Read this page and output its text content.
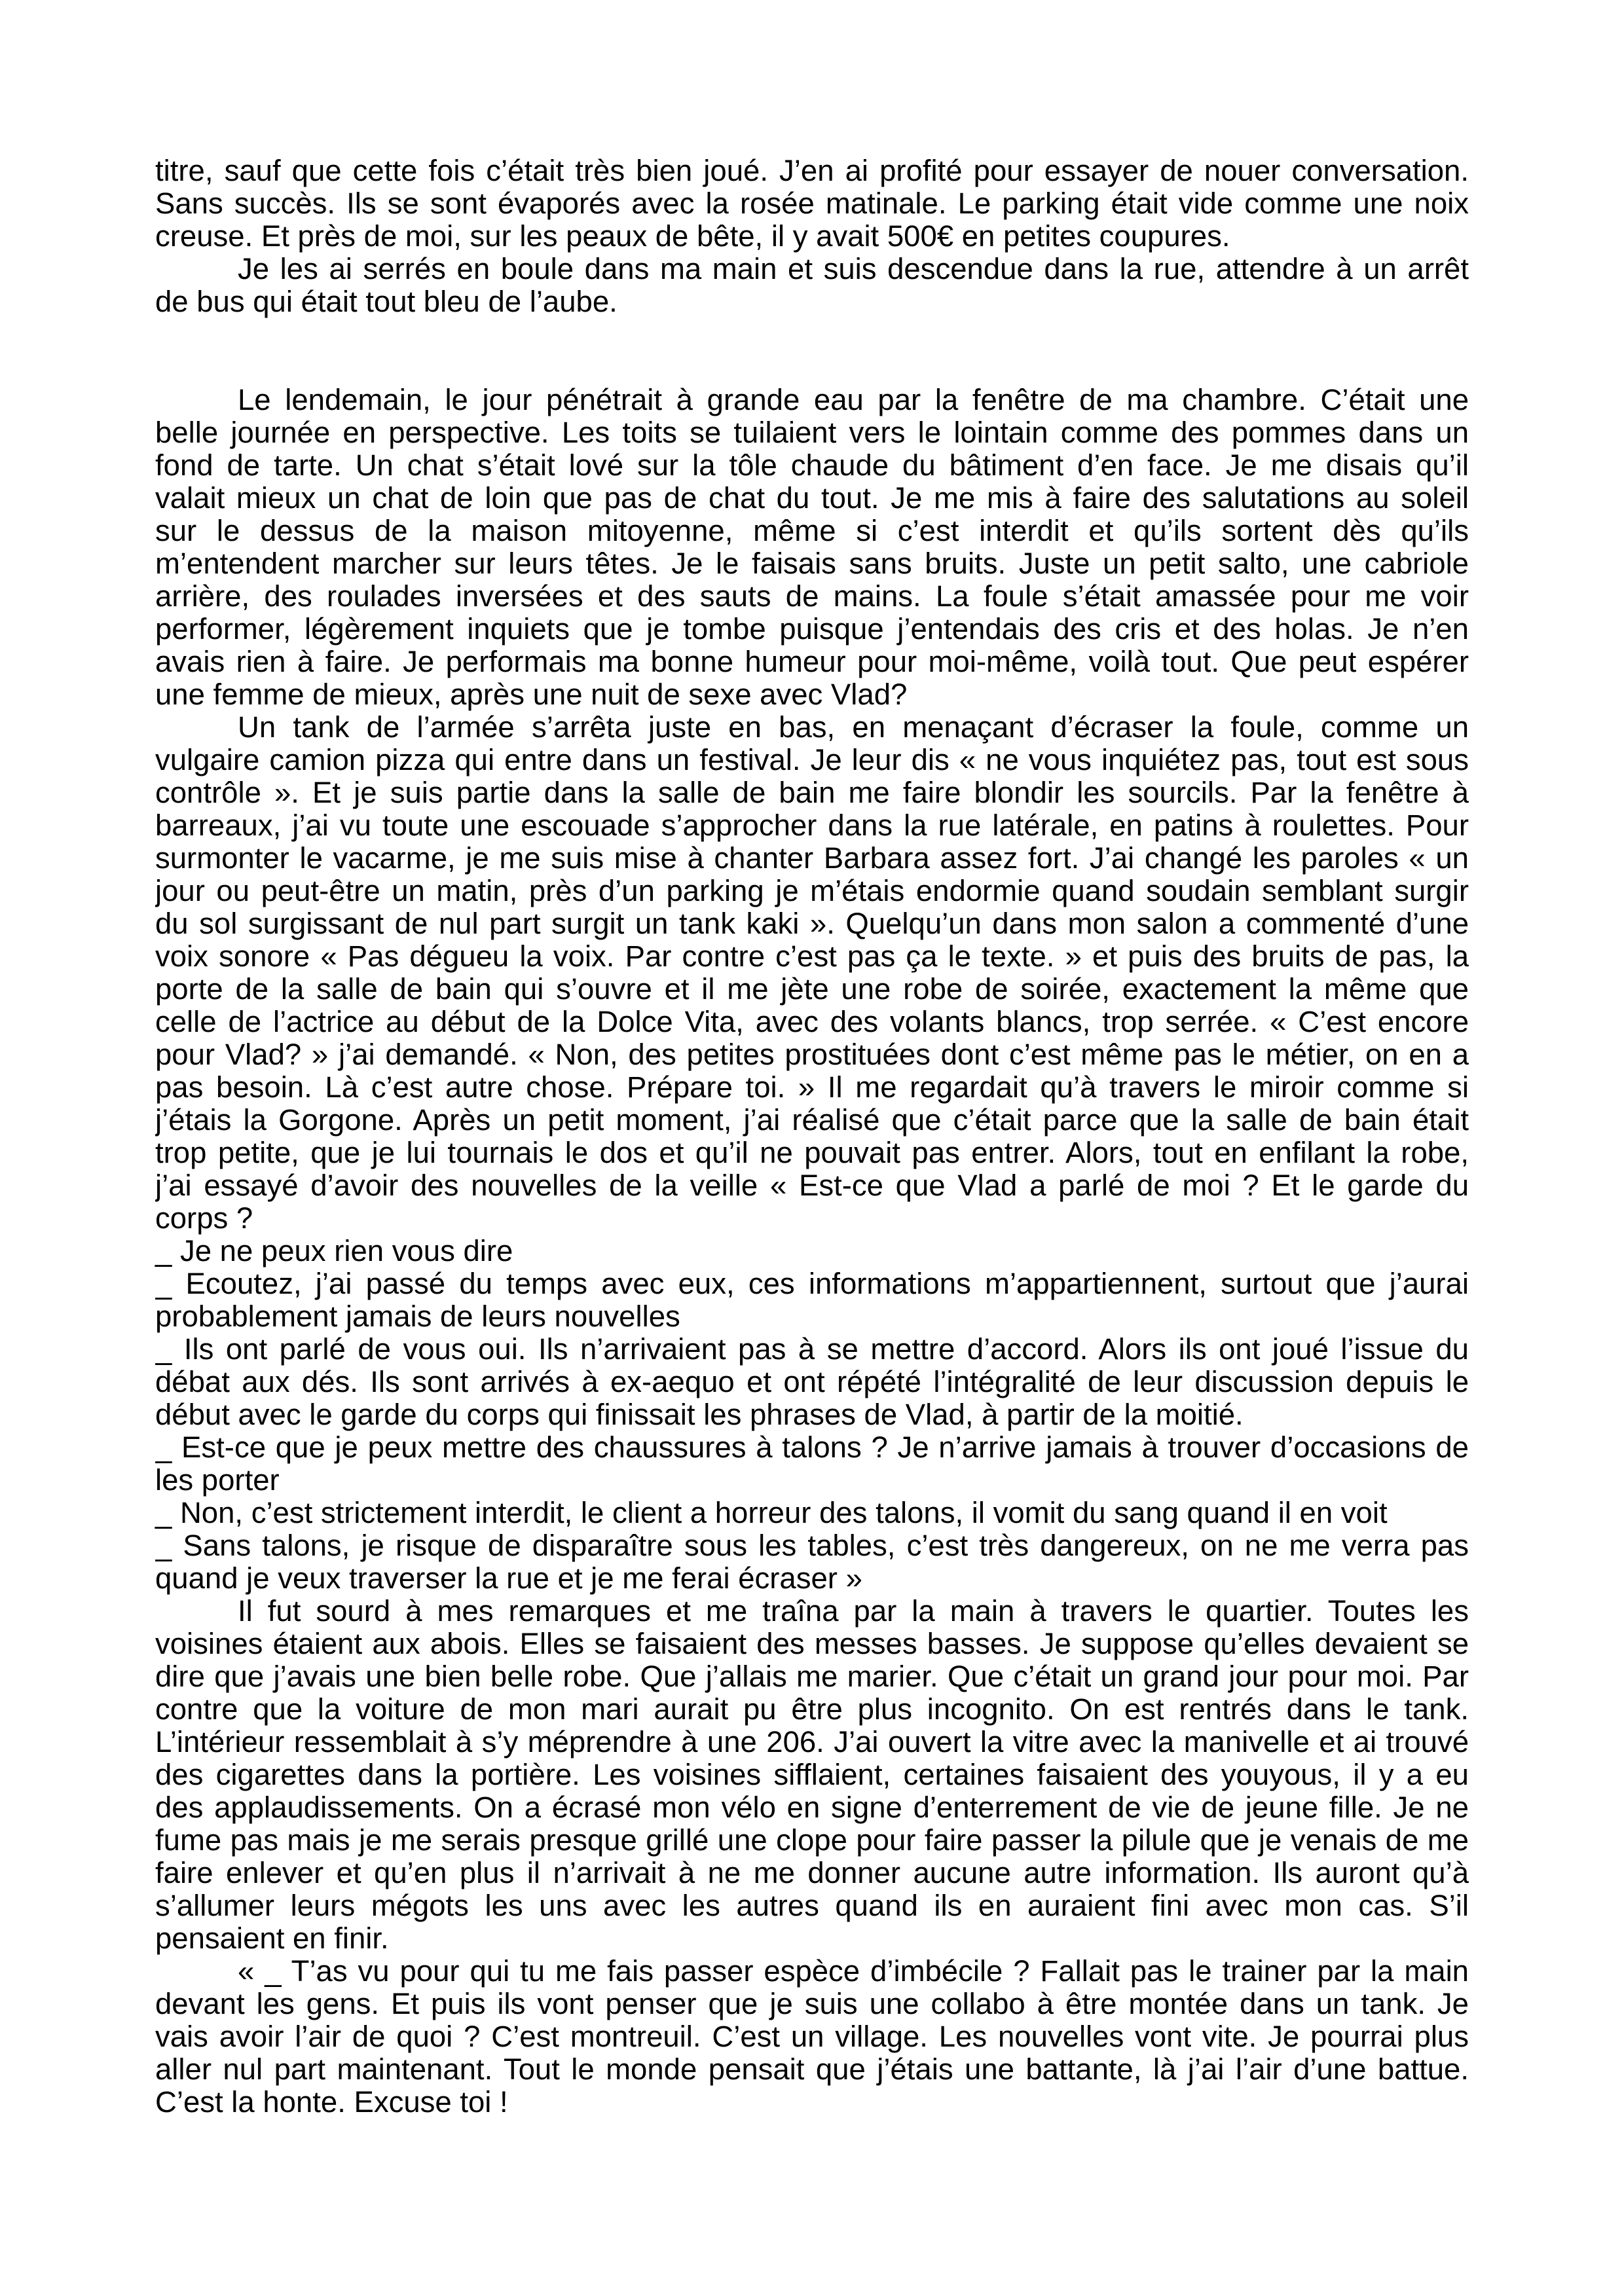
titre, sauf que cette fois c’était très bien joué. J’en ai profité pour essayer de nouer conversation.
Sans succès. Ils se sont évaporés avec la rosée matinale. Le parking était vide comme une noix
creuse. Et près de moi, sur les peaux de bête, il y avait 500€ en petites coupures.
Je les ai serrés en boule dans ma main et suis descendue dans la rue, attendre à un arrêt
de bus qui était tout bleu de l’aube.
Le lendemain, le jour pénétrait à grande eau par la fenêtre de ma chambre. C’était une
belle journée en perspective. Les toits se tuilaient vers le lointain comme des pommes dans un
fond de tarte. Un chat s’était lové sur la tôle chaude du bâtiment d’en face. Je me disais qu’il
valait mieux un chat de loin que pas de chat du tout. Je me mis à faire des salutations au soleil
sur le dessus de la maison mitoyenne, même si c’est interdit et qu’ils sortent dès qu’ils
m’entendent marcher sur leurs têtes. Je le faisais sans bruits. Juste un petit salto, une cabriole
arrière, des roulades inversées et des sauts de mains. La foule s’était amassée pour me voir
performer, légèrement inquiets que je tombe puisque j’entendais des cris et des holas. Je n’en
avais rien à faire. Je performais ma bonne humeur pour moi-même, voilà tout. Que peut espérer
une femme de mieux, après une nuit de sexe avec Vlad?
Un tank de l’armée s’arrêta juste en bas, en menaçant d’écraser la foule, comme un
vulgaire camion pizza qui entre dans un festival. Je leur dis « ne vous inquiétez pas, tout est sous
contrôle ». Et je suis partie dans la salle de bain me faire blondir les sourcils. Par la fenêtre à
barreaux, j’ai vu toute une escouade s’approcher dans la rue latérale, en patins à roulettes. Pour
surmonter le vacarme, je me suis mise à chanter Barbara assez fort. J’ai changé les paroles « un
jour ou peut-être un matin, près d’un parking je m’étais endormie quand soudain semblant surgir
du sol surgissant de nul part surgit un tank kaki ». Quelqu’un dans mon salon a commenté d’une
voix sonore « Pas dégueu la voix. Par contre c’est pas ça le texte. » et puis des bruits de pas, la
porte de la salle de bain qui s’ouvre et il me jète une robe de soirée, exactement la même que
celle de l’actrice au début de la Dolce Vita, avec des volants blancs, trop serrée. « C’est encore
pour Vlad? » j’ai demandé. « Non, des petites prostituées dont c’est même pas le métier, on en a
pas besoin. Là c’est autre chose. Prépare toi. » Il me regardait qu’à travers le miroir comme si
j’étais la Gorgone. Après un petit moment, j’ai réalisé que c’était parce que la salle de bain était
trop petite, que je lui tournais le dos et qu’il ne pouvait pas entrer. Alors, tout en enfilant la robe,
j’ai essayé d’avoir des nouvelles de la veille « Est-ce que Vlad a parlé de moi ? Et le garde du
corps ?
_ Je ne peux rien vous dire
_ Ecoutez, j’ai passé du temps avec eux, ces informations m’appartiennent, surtout que j’aurai
probablement jamais de leurs nouvelles
_ Ils ont parlé de vous oui. Ils n’arrivaient pas à se mettre d’accord. Alors ils ont joué l’issue du
débat aux dés. Ils sont arrivés à ex-aequo et ont répété l’intégralité de leur discussion depuis le
début avec le garde du corps qui finissait les phrases de Vlad, à partir de la moitié.
_ Est-ce que je peux mettre des chaussures à talons ? Je n’arrive jamais à trouver d’occasions de
les porter
_ Non, c’est strictement interdit, le client a horreur des talons, il vomit du sang quand il en voit
_ Sans talons, je risque de disparaître sous les tables, c’est très dangereux, on ne me verra pas
quand je veux traverser la rue et je me ferai écraser »
Il fut sourd à mes remarques et me traîna par la main à travers le quartier. Toutes les
voisines étaient aux abois. Elles se faisaient des messes basses. Je suppose qu’elles devaient se
dire que j’avais une bien belle robe. Que j’allais me marier. Que c’était un grand jour pour moi. Par
contre que la voiture de mon mari aurait pu être plus incognito. On est rentrés dans le tank.
L’intérieur ressemblait à s’y méprendre à une 206. J’ai ouvert la vitre avec la manivelle et ai trouvé
des cigarettes dans la portière. Les voisines sifflaient, certaines faisaient des youyous, il y a eu
des applaudissements. On a écrasé mon vélo en signe d’enterrement de vie de jeune fille. Je ne
fume pas mais je me serais presque grillé une clope pour faire passer la pilule que je venais de me
faire enlever et qu’en plus il n’arrivait à ne me donner aucune autre information. Ils auront qu’à
s’allumer leurs mégots les uns avec les autres quand ils en auraient fini avec mon cas. S’il
pensaient en finir.
« _ T’as vu pour qui tu me fais passer espèce d’imbécile ? Fallait pas le trainer par la main
devant les gens. Et puis ils vont penser que je suis une collabo à être montée dans un tank. Je
vais avoir l’air de quoi ? C’est montreuil. C’est un village. Les nouvelles vont vite. Je pourrai plus
aller nul part maintenant. Tout le monde pensait que j’étais une battante, là j’ai l’air d’une battue.
C’est la honte. Excuse toi !
